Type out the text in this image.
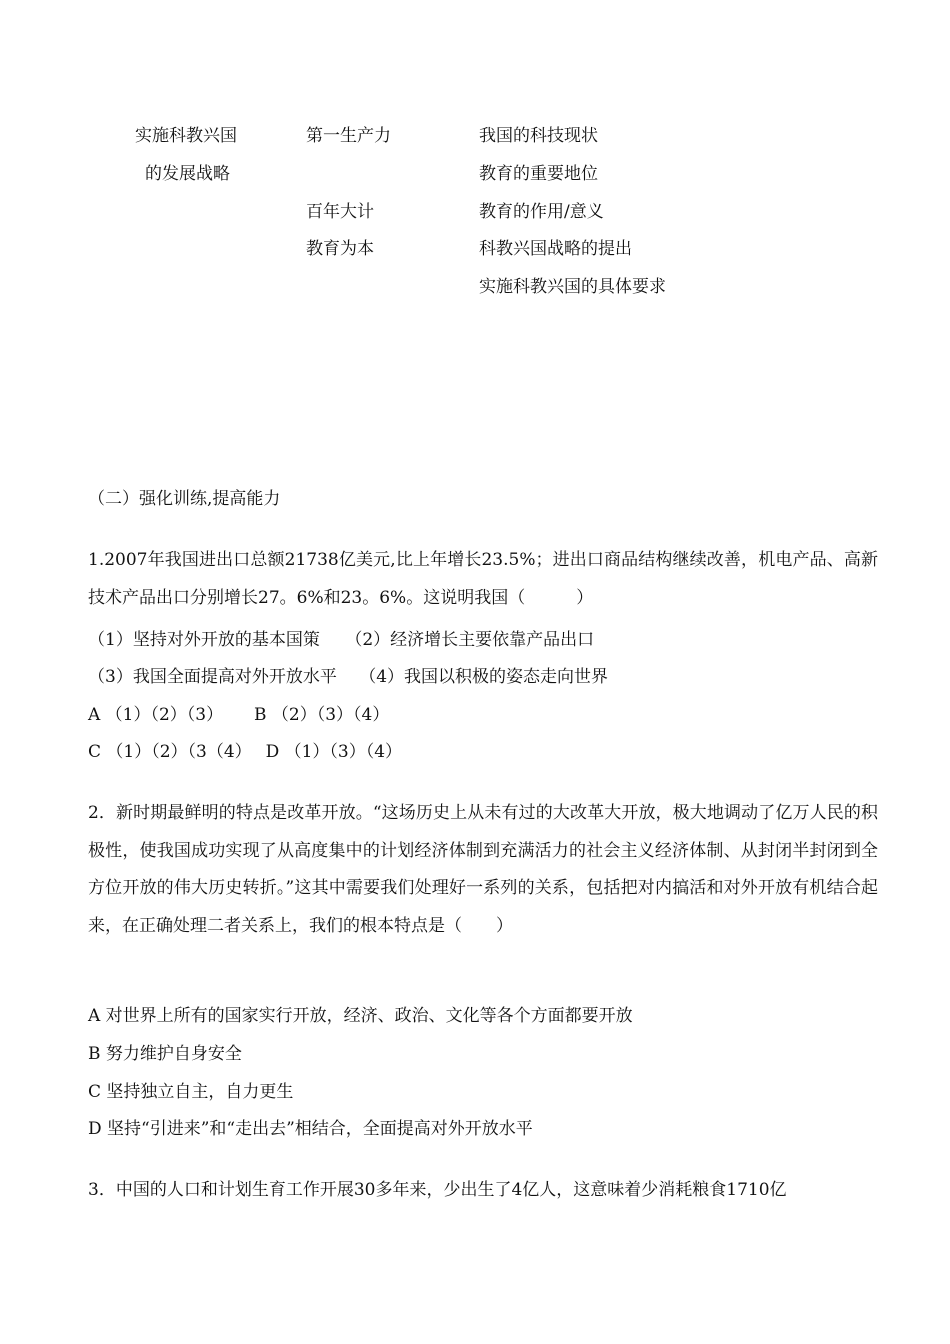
实施科教兴国
的发展战略
第一生产力
百年大计
教育为本
我国的科技现状
教育的重要地位
教育的作用/意义
科教兴国战略的提出
实施科教兴国的具体要求
（二）强化训练,提高能力
1.2007年我国进出口总额21738亿美元,比上年增长23.5%；进出口商品结构继续改善，机电产品、高新技术产品出口分别增长27。6%和23。6%。这说明我国（　　　）
（1）坚持对外开放的基本国策　　（2）经济增长主要依靠产品出口
（3）我国全面提高对外开放水平　 （4）我国以积极的姿态走向世界
A （1）（2）（3）　　 B （2）（3）（4）
C （1）（2）（3（4）　 D （1）（3）（4）
2．新时期最鲜明的特点是改革开放。“这场历史上从未有过的大改革大开放，极大地调动了亿万人民的积极性，使我国成功实现了从高度集中的计划经济体制到充满活力的社会主义经济体制、从封闭半封闭到全方位开放的伟大历史转折。”这其中需要我们处理好一系列的关系，包括把对内搞活和对外开放有机结合起来，在正确处理二者关系上，我们的根本特点是（　　）
A 对世界上所有的国家实行开放，经济、政治、文化等各个方面都要开放
B 努力维护自身安全
C 坚持独立自主，自力更生
D 坚持“引进来”和“走出去”相结合，全面提高对外开放水平
3．中国的人口和计划生育工作开展30多年来，少出生了4亿人，这意味着少消耗粮食1710亿
